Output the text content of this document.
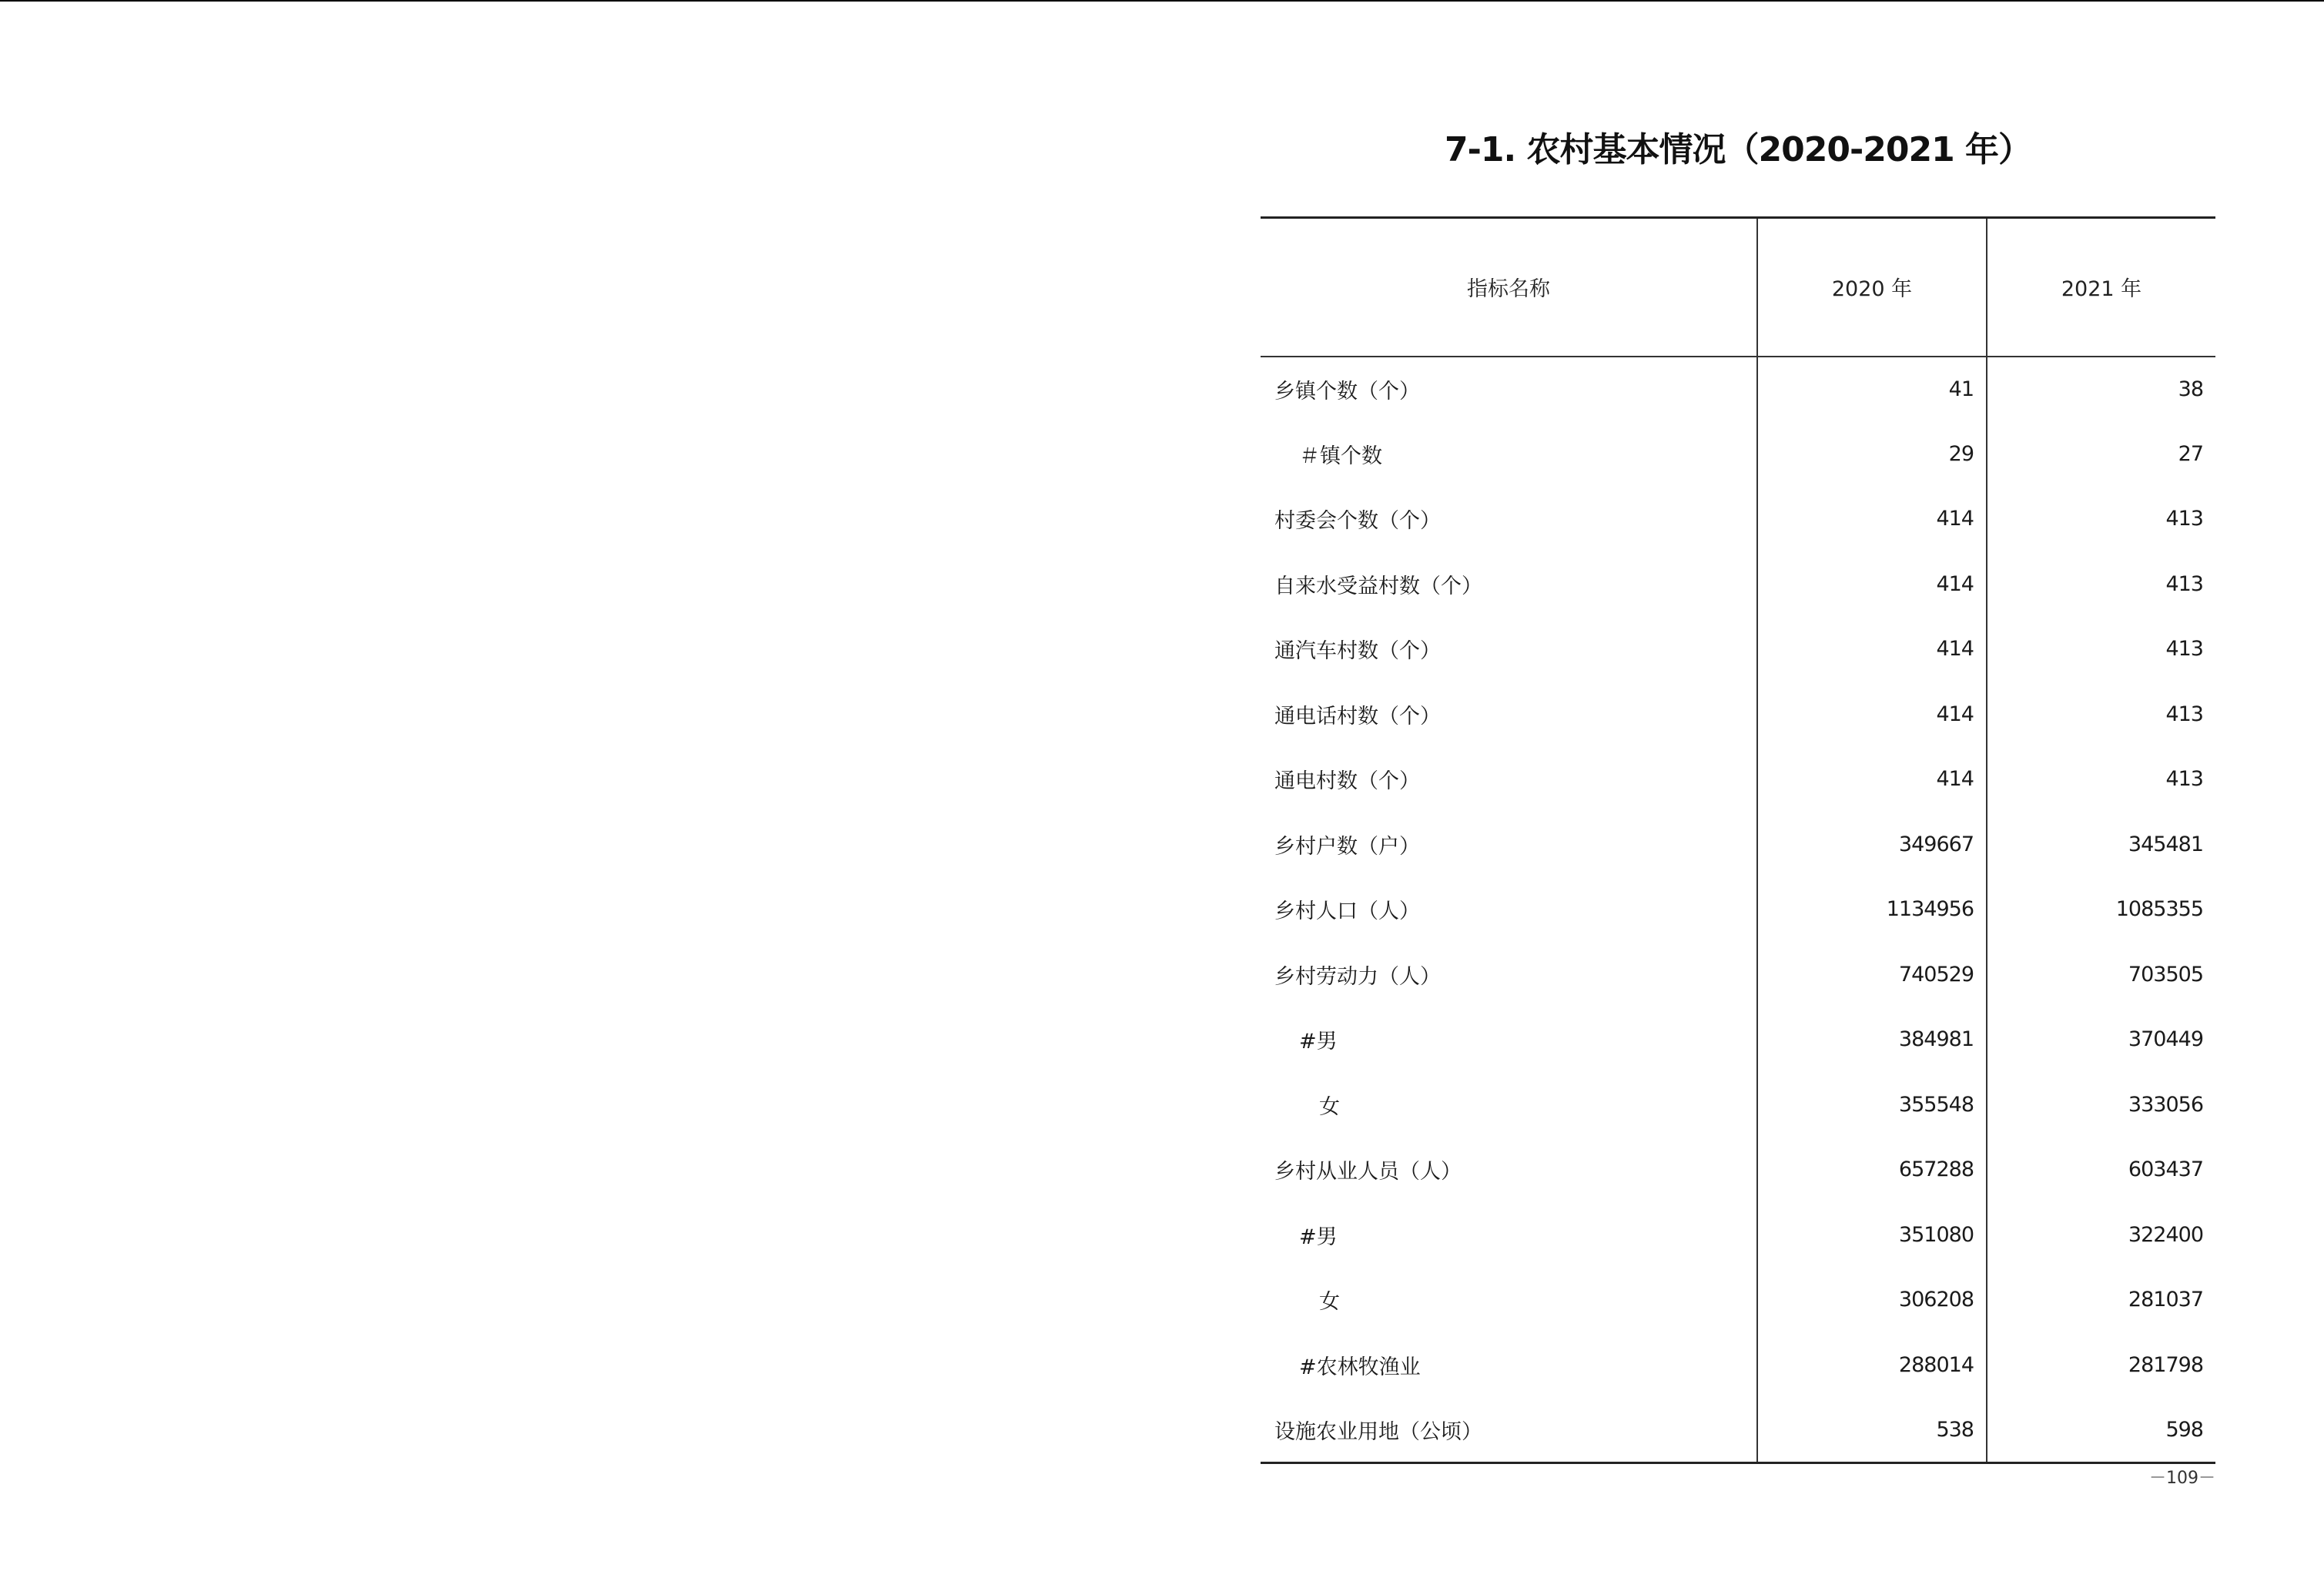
7-1. 农村基本情况（2020-2021 年）
指标名称	2020 年	2021 年
乡镇个数（个）	41	38
＃镇个数	29	27
村委会个数（个）	414	413
自来水受益村数（个）	414	413
通汽车村数（个）	414	413
通电话村数（个）	414	413
通电村数（个）	414	413
乡村户数（户）	349667	345481
乡村人口（人）	1134956	1085355
乡村劳动力（人）	740529	703505
#男	384981	370449
女	355548	333056
乡村从业人员（人）	657288	603437
#男	351080	322400
女	306208	281037
#农林牧渔业	288014	281798
设施农业用地（公顷）	538	598
－109－
